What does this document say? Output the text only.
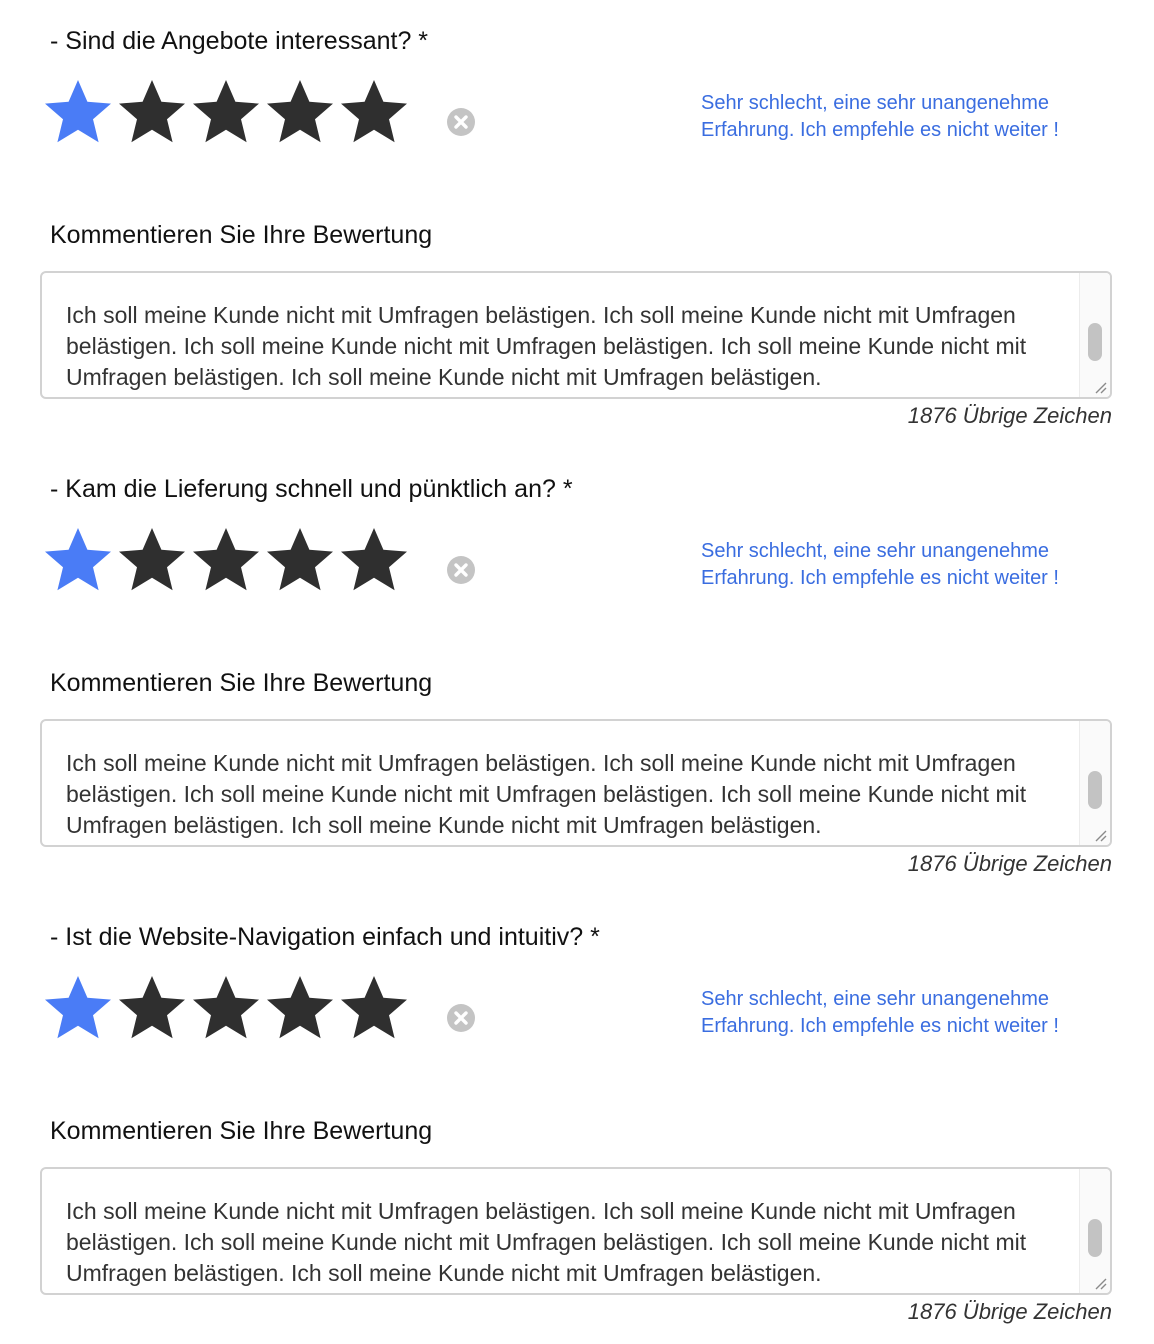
- Sind die Angebote interessant? *
Sehr schlecht, eine sehr unangenehme Erfahrung. Ich empfehle es nicht weiter !
Kommentieren Sie Ihre Bewertung
Ich soll meine Kunde nicht mit Umfragen belästigen. Ich soll meine Kunde nicht mit Umfragen belästigen. Ich soll meine Kunde nicht mit Umfragen belästigen. Ich soll meine Kunde nicht mit Umfragen belästigen. Ich soll meine Kunde nicht mit Umfragen belästigen.
1876 Übrige Zeichen
- Kam die Lieferung schnell und pünktlich an? *
Sehr schlecht, eine sehr unangenehme Erfahrung. Ich empfehle es nicht weiter !
Kommentieren Sie Ihre Bewertung
Ich soll meine Kunde nicht mit Umfragen belästigen. Ich soll meine Kunde nicht mit Umfragen belästigen. Ich soll meine Kunde nicht mit Umfragen belästigen. Ich soll meine Kunde nicht mit Umfragen belästigen. Ich soll meine Kunde nicht mit Umfragen belästigen.
1876 Übrige Zeichen
- Ist die Website-Navigation einfach und intuitiv? *
Sehr schlecht, eine sehr unangenehme Erfahrung. Ich empfehle es nicht weiter !
Kommentieren Sie Ihre Bewertung
Ich soll meine Kunde nicht mit Umfragen belästigen. Ich soll meine Kunde nicht mit Umfragen belästigen. Ich soll meine Kunde nicht mit Umfragen belästigen. Ich soll meine Kunde nicht mit Umfragen belästigen. Ich soll meine Kunde nicht mit Umfragen belästigen.
1876 Übrige Zeichen
